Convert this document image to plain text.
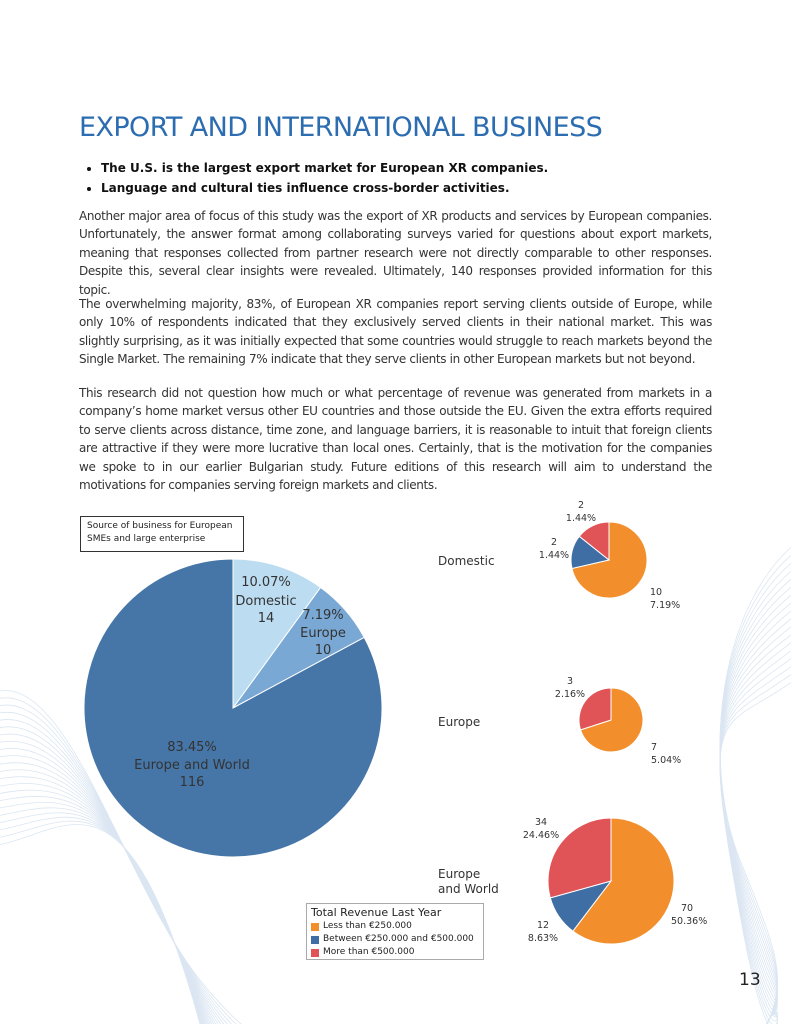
EXPORT AND INTERNATIONAL BUSINESS
• The U.S. is the largest export market for European XR companies.
• Language and cultural ties influence cross-border activities.

Another major area of focus of this study was the export of XR products and services by European companies. Unfortunately, the answer format among collaborating surveys varied for questions about export markets, meaning that responses collected from partner research were not directly comparable to other responses. Despite this, several clear insights were revealed. Ultimately, 140 responses provided information for this topic.

The overwhelming majority, 83%, of European XR companies report serving clients outside of Europe, while only 10% of respondents indicated that they exclusively served clients in their national market. This was slightly surprising, as it was initially expected that some countries would struggle to reach markets beyond the Single Market. The remaining 7% indicate that they serve clients in other European markets but not beyond.

This research did not question how much or what percentage of revenue was generated from markets in a company’s home market versus other EU countries and those outside the EU. Given the extra efforts required to serve clients across distance, time zone, and language barriers, it is reasonable to intuit that foreign clients are attractive if they were more lucrative than local ones. Certainly, that is the motivation for the companies we spoke to in our earlier Bulgarian study. Future editions of this research will aim to understand the motivations for companies serving foreign markets and clients.

Source of business for European SMEs and large enterprise
10.07%
Domestic
14 7.19%
Europe
10
83.45%
Europe and World
116
Domestic
Europe
Europe
and World
2
1.44%
2
1.44%
10
7.19%
3
2.16%
7
5.04%
34
24.46%
12
8.63%
70
50.36%
Total Revenue Last Year
Less than €250.000
Between €250.000 and €500.000
More than €500.000
13
